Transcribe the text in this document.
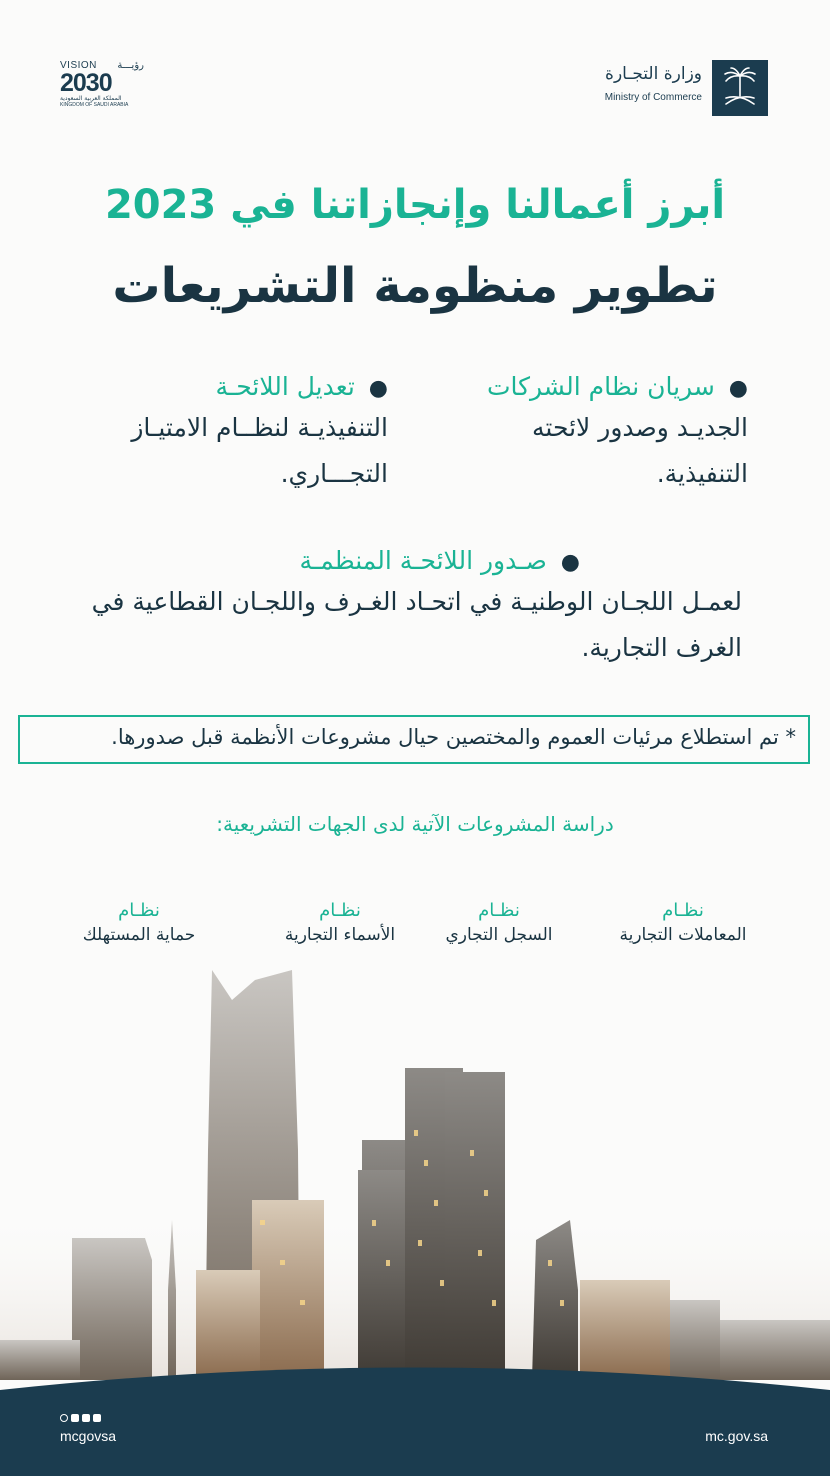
وزارة التجـارة
Ministry of Commerce
VISION رؤيـــة
2030
المملكة العربية السعودية
KINGDOM OF SAUDI ARABIA
أبرز أعمالنا وإنجازاتنا في 2023
تطوير منظومة التشريعات
●سريان نظام الشركات
الجديـد وصدور لائحته التنفيذية.
●تعديل اللائحـة
التنفيذيـة لنظــام الامتيـاز التجـــاري.
●صـدور اللائحـة المنظمـة
لعمـل اللجـان الوطنيـة في اتحـاد الغـرف واللجـان القطاعية في الغرف التجارية.
* تم استطلاع مرئيات العموم والمختصين حيال مشروعات الأنظمة قبل صدورها.
دراسة المشروعات الآتية لدى الجهات التشريعية:
نظـام
المعاملات التجارية
نظـام
السجل التجاري
نظـام
الأسماء التجارية
نظـام
حماية المستهلك
mcgovsa	mc.gov.sa
